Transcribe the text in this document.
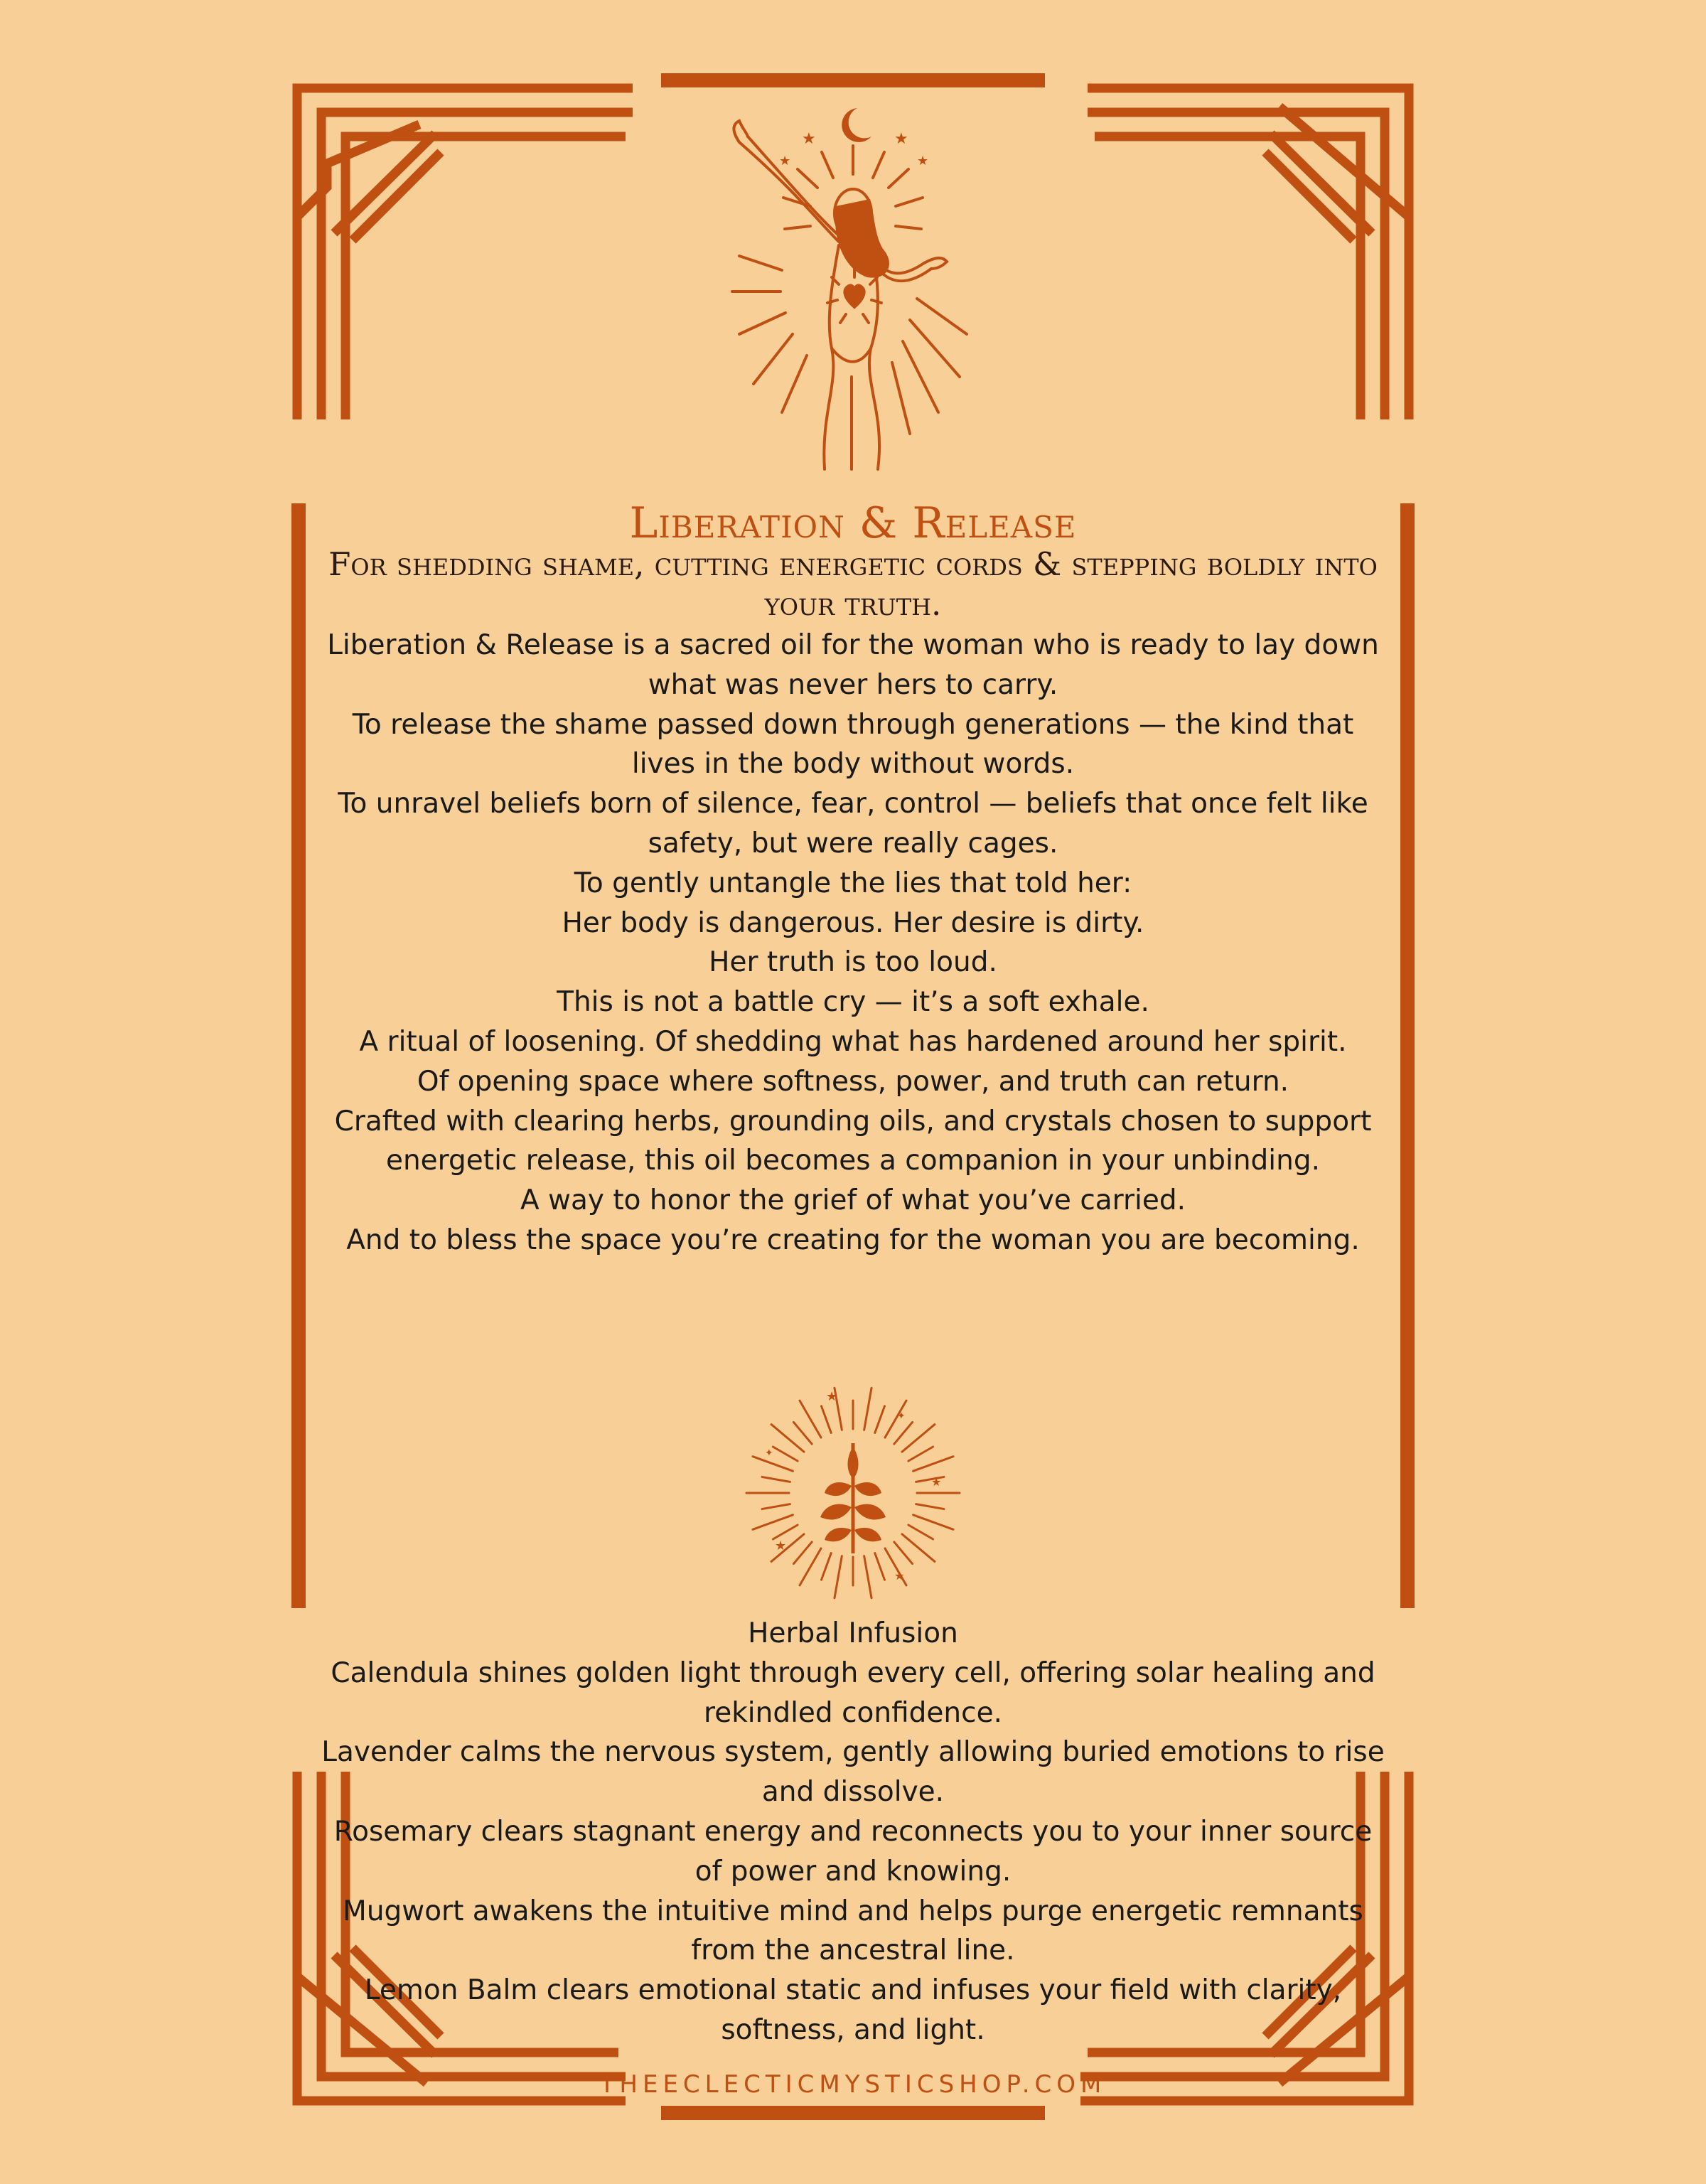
★	★
★	★
Liberation & Release
For shedding shame, cutting energetic cords & stepping boldly into your truth.

Liberation & Release is a sacred oil for the woman who is ready to lay down what was never hers to carry.

To release the shame passed down through generations — the kind that lives in the body without words.

To unravel beliefs born of silence, fear, control — beliefs that once felt like safety, but were really cages.

To gently untangle the lies that told her:

Her body is dangerous. Her desire is dirty.

Her truth is too loud.

This is not a battle cry — it’s a soft exhale.

A ritual of loosening. Of shedding what has hardened around her spirit.

Of opening space where softness, power, and truth can return.

Crafted with clearing herbs, grounding oils, and crystals chosen to support energetic release, this oil becomes a companion in your unbinding.

A way to honor the grief of what you’ve carried.

And to bless the space you’re creating for the woman you are becoming.

★
★
★
★
✦
✦

Herbal Infusion

Calendula shines golden light through every cell, offering solar healing and rekindled confidence.

Lavender calms the nervous system, gently allowing buried emotions to rise and dissolve.

Rosemary clears stagnant energy and reconnects you to your inner source of power and knowing.

Mugwort awakens the intuitive mind and helps purge energetic remnants from the ancestral line.

Lemon Balm clears emotional static and infuses your field with clarity, softness, and light.

THEECLECTICMYSTICSHOP.COM
